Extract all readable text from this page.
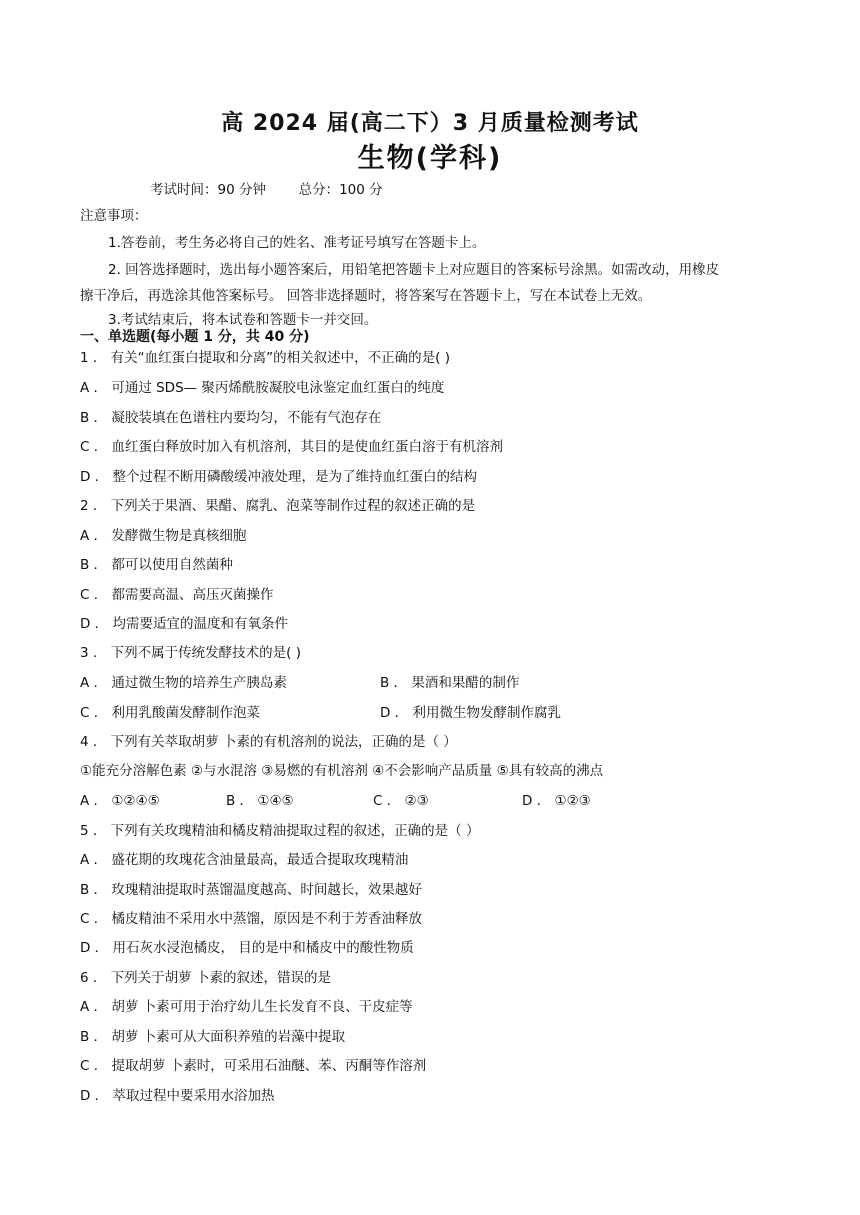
高 2024 届(高二下）3 月质量检测考试
生物(学科)
考试时间：90 分钟 总分：100 分
注意事项：
1.答卷前，考生务必将自己的姓名、准考证号填写在答题卡上。
2. 回答选择题时，选出每小题答案后，用铅笔把答题卡上对应题目的答案标号涂黑。如需改动，用橡皮
擦干净后，再选涂其他答案标号。 回答非选择题时，将答案写在答题卡上，写在本试卷上无效。
3.考试结束后，将本试卷和答题卡一并交回。
一、单选题(每小题 1 分，共 40 分)
1 ． 有关“血红蛋白提取和分离”的相关叙述中，不正确的是( )
A ． 可通过 SDS— 聚丙烯酰胺凝胶电泳鉴定血红蛋白的纯度
B ． 凝胶装填在色谱柱内要均匀，不能有气泡存在
C ． 血红蛋白释放时加入有机溶剂，其目的是使血红蛋白溶于有机溶剂
D ． 整个过程不断用磷酸缓冲液处理，是为了维持血红蛋白的结构
2 ． 下列关于果酒、果醋、腐乳、泡菜等制作过程的叙述正确的是
A ． 发酵微生物是真核细胞
B ． 都可以使用自然菌种
C ． 都需要高温、高压灭菌操作
D ． 均需要适宜的温度和有氧条件
3 ． 下列不属于传统发酵技术的是( )
A ． 通过微生物的培养生产胰岛素	B ． 果酒和果醋的制作
C ． 利用乳酸菌发酵制作泡菜	D ． 利用微生物发酵制作腐乳
4 ． 下列有关萃取胡萝 卜素的有机溶剂的说法，正确的是（ ）
①能充分溶解色素 ②与水混溶 ③易燃的有机溶剂 ④不会影响产品质量 ⑤具有较高的沸点
A ． ①②④⑤	B ． ①④⑤	C ． ②③	D ． ①②③
5 ． 下列有关玫瑰精油和橘皮精油提取过程的叙述，正确的是（ ）
A ． 盛花期的玫瑰花含油量最高，最适合提取玫瑰精油
B ． 玫瑰精油提取时蒸馏温度越高、时间越长，效果越好
C ． 橘皮精油不采用水中蒸馏，原因是不利于芳香油释放
D ． 用石灰水浸泡橘皮， 目的是中和橘皮中的酸性物质
6 ． 下列关于胡萝 卜素的叙述，错误的是
A ． 胡萝 卜素可用于治疗幼儿生长发育不良、干皮症等
B ． 胡萝 卜素可从大面积养殖的岩藻中提取
C ． 提取胡萝 卜素时，可采用石油醚、苯、丙酮等作溶剂
D ． 萃取过程中要采用水浴加热
